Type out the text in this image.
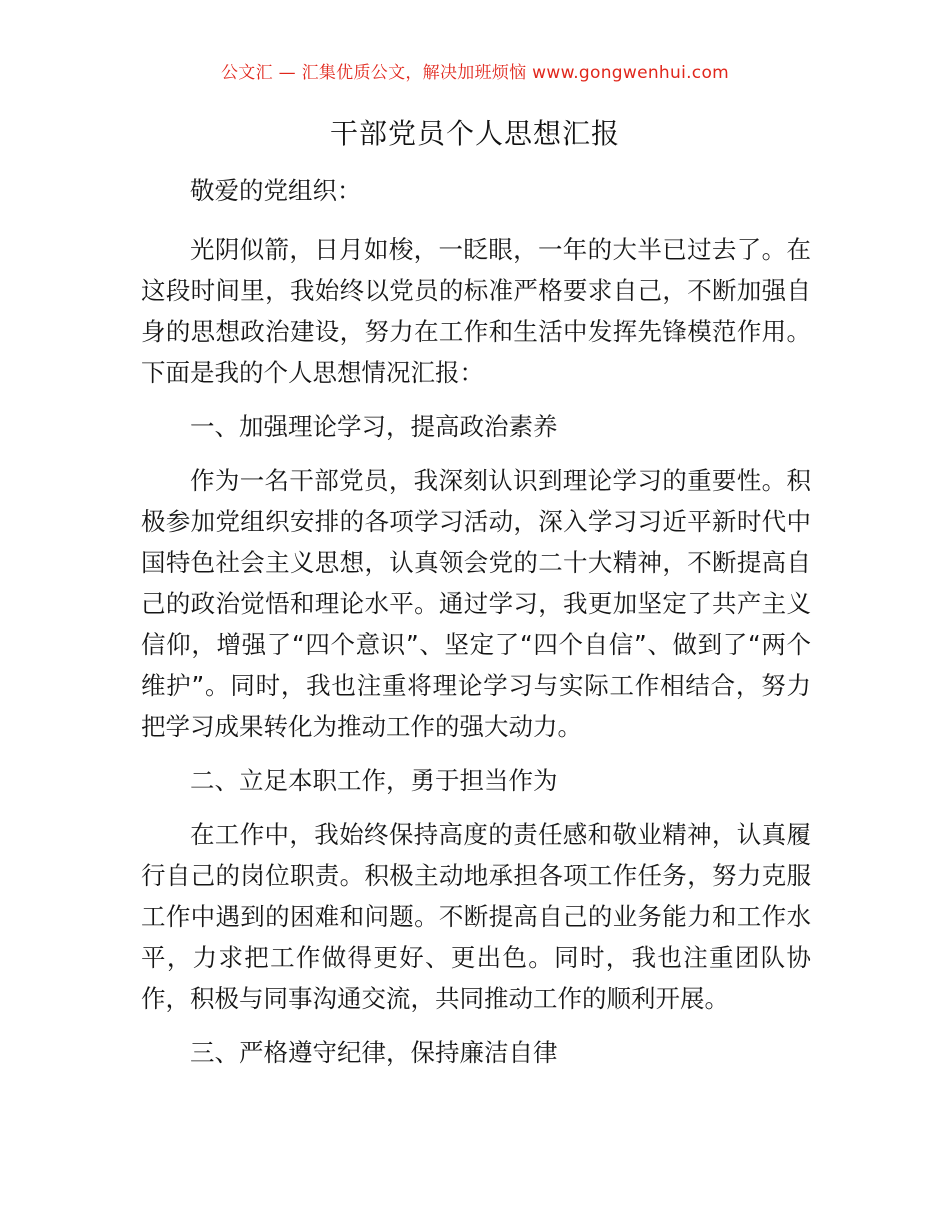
公文汇 — 汇集优质公文，解决加班烦恼 www.gongwenhui.com
干部党员个人思想汇报

敬爱的党组织：

光阴似箭，日月如梭，一眨眼，一年的大半已过去了。在这段时间里，我始终以党员的标准严格要求自己，不断加强自身的思想政治建设，努力在工作和生活中发挥先锋模范作用。下面是我的个人思想情况汇报：

一、加强理论学习，提高政治素养

作为一名干部党员，我深刻认识到理论学习的重要性。积极参加党组织安排的各项学习活动，深入学习习近平新时代中国特色社会主义思想，认真领会党的二十大精神，不断提高自己的政治觉悟和理论水平。通过学习，我更加坚定了共产主义信仰，增强了“四个意识”、坚定了“四个自信”、做到了“两个维护”。同时，我也注重将理论学习与实际工作相结合，努力把学习成果转化为推动工作的强大动力。

二、立足本职工作，勇于担当作为

在工作中，我始终保持高度的责任感和敬业精神，认真履行自己的岗位职责。积极主动地承担各项工作任务，努力克服工作中遇到的困难和问题。不断提高自己的业务能力和工作水平，力求把工作做得更好、更出色。同时，我也注重团队协作，积极与同事沟通交流，共同推动工作的顺利开展。

三、严格遵守纪律，保持廉洁自律
